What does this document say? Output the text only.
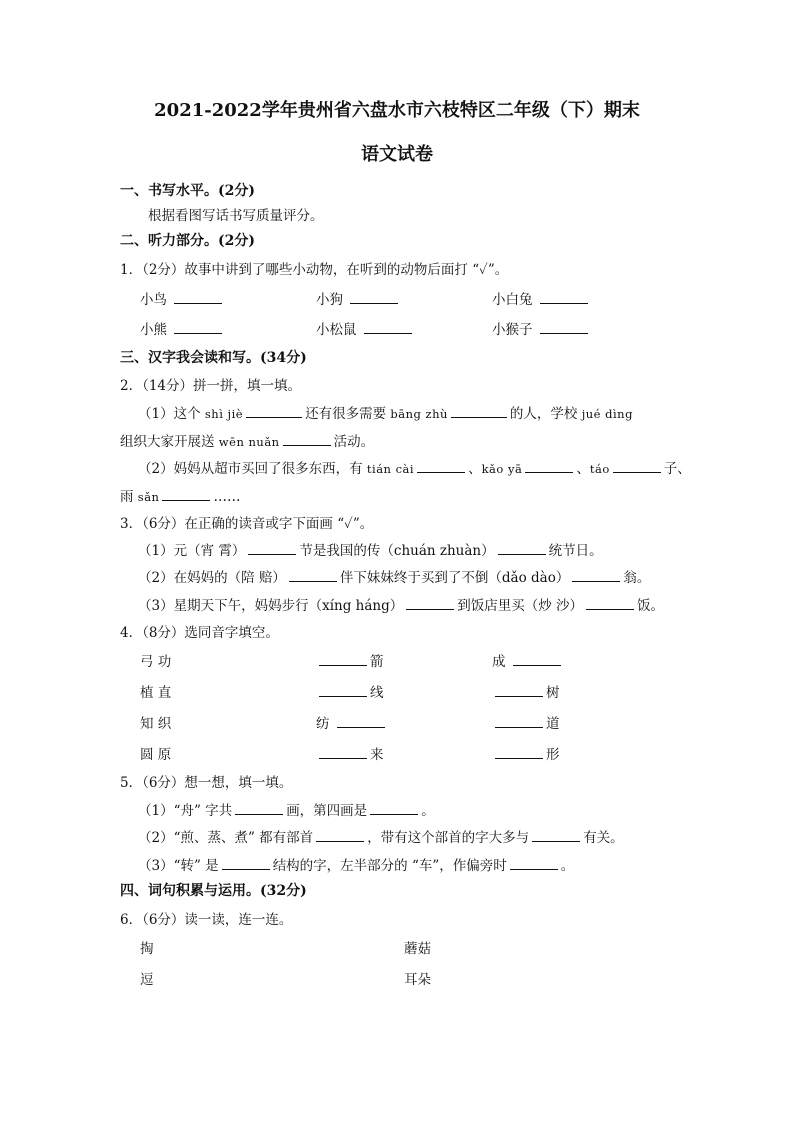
2021-2022学年贵州省六盘水市六枝特区二年级（下）期末
语文试卷
一、书写水平。(2分)
根据看图写话书写质量评分。
二、听力部分。(2分)
1．（2分）故事中讲到了哪些小动物，在听到的动物后面打 “✓”。
小鸟	小狗	小白兔
小熊	小松鼠	小猴子
三、汉字我会读和写。(34分)
2．（14分）拼一拼，填一填。
（1）这个 shì jiè	还有很多需要 bāng zhù	的人，学校 jué dìng
组织大家开展送 wēn nuǎn	活动。
（2）妈妈从超市买回了很多东西，有 tián cài	、kǎo yā	、táo	子、
雨 sǎn	……
3．（6分）在正确的读音或字下面画 “✓”。
（1）元（宵 霄）	节是我国的传（chuán zhuàn）	统节日。
（2）在妈妈的（陪 赔）	伴下妹妹终于买到了不倒（dǎo dào）	翁。
（3）星期天下午，妈妈步行（xíng háng）	到饭店里买（炒 沙）	饭。
4．（8分）选同音字填空。
弓 功	箭	成
植 直	线	树
知 织	纺	道
圆 原	来	形
5．（6分）想一想，填一填。
（1）“舟” 字共	画，第四画是	。
（2）“煎、蒸、煮” 都有部首	，带有这个部首的字大多与	有关。
（3）“转” 是	结构的字，左半部分的 “车”，作偏旁时	。
四、词句积累与运用。(32分)
6．（6分）读一读，连一连。
掏	蘑菇
逗	耳朵
